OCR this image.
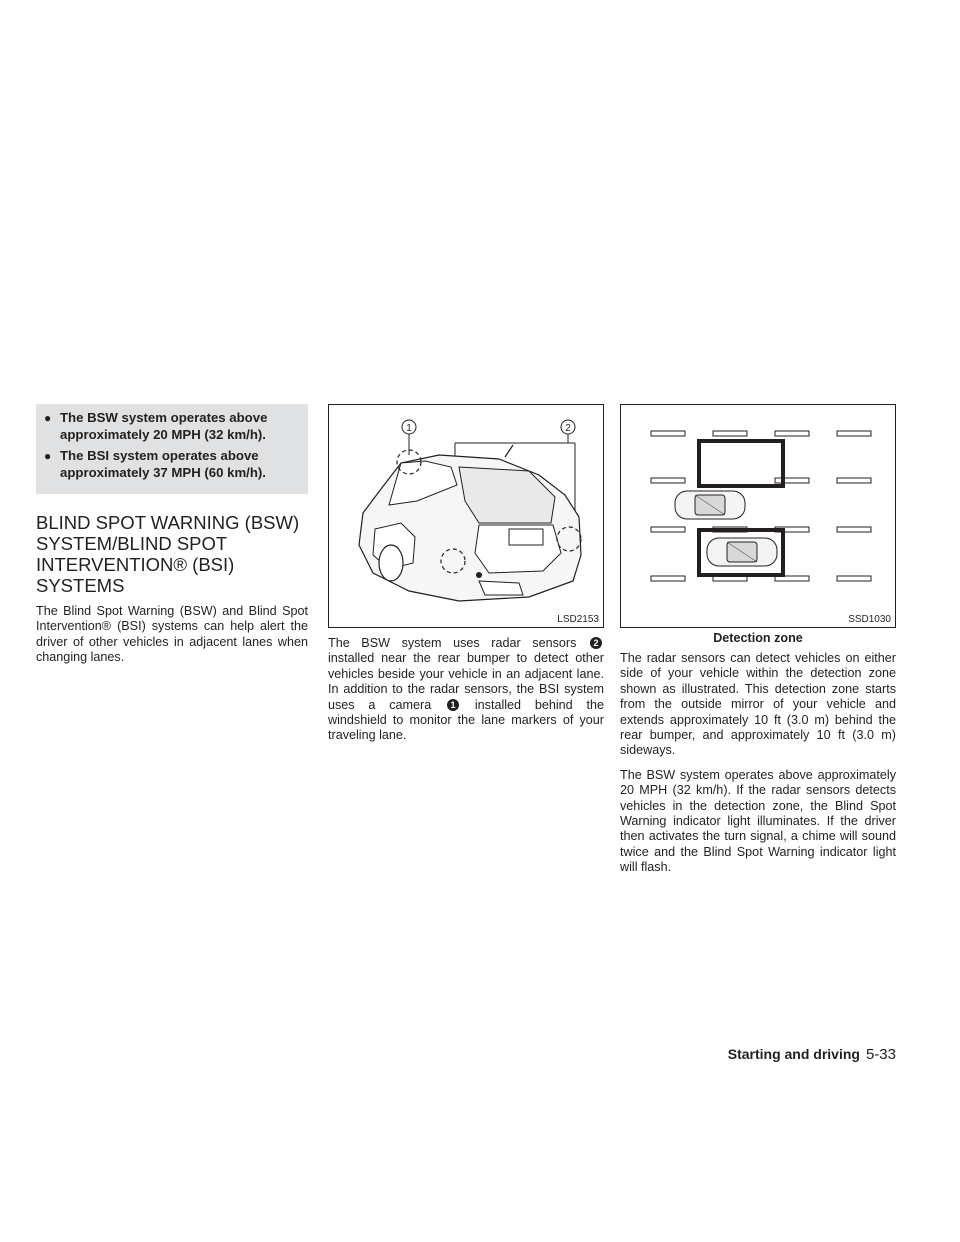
● The BSW system operates above approximately 20 MPH (32 km/h).
● The BSI system operates above approximately 37 MPH (60 km/h).
BLIND SPOT WARNING (BSW) SYSTEM/BLIND SPOT INTERVENTION® (BSI) SYSTEMS

The Blind Spot Warning (BSW) and Blind Spot Intervention® (BSI) systems can help alert the driver of other vehicles in adjacent lanes when changing lanes.

1	2
LSD2153

The BSW system uses radar sensors 2 installed near the rear bumper to detect other vehicles beside your vehicle in an adjacent lane. In addition to the radar sensors, the BSI system uses a camera 1 installed behind the windshield to monitor the lane markers of your traveling lane.

SSD1030
Detection zone

The radar sensors can detect vehicles on either side of your vehicle within the detection zone shown as illustrated. This detection zone starts from the outside mirror of your vehicle and extends approximately 10 ft (3.0 m) behind the rear bumper, and approximately 10 ft (3.0 m) sideways.

The BSW system operates above approximately 20 MPH (32 km/h). If the radar sensors detects vehicles in the detection zone, the Blind Spot Warning indicator light illuminates. If the driver then activates the turn signal, a chime will sound twice and the Blind Spot Warning indicator light will flash.

Starting and driving 5-33
